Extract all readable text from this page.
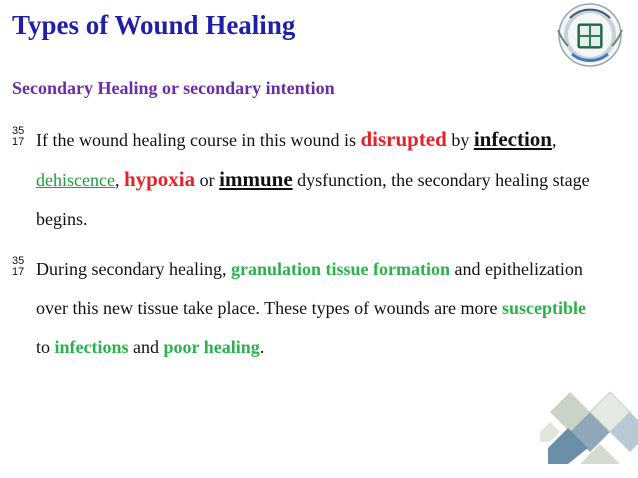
Types of Wound Healing
Secondary Healing or secondary intention
35
17 If the wound healing course in this wound is disrupted by infection, dehiscence, hypoxia or immune dysfunction, the secondary healing stage begins.
35
17 During secondary healing, granulation tissue formation and epithelization over this new tissue take place. These types of wounds are more susceptible to infections and poor healing.
